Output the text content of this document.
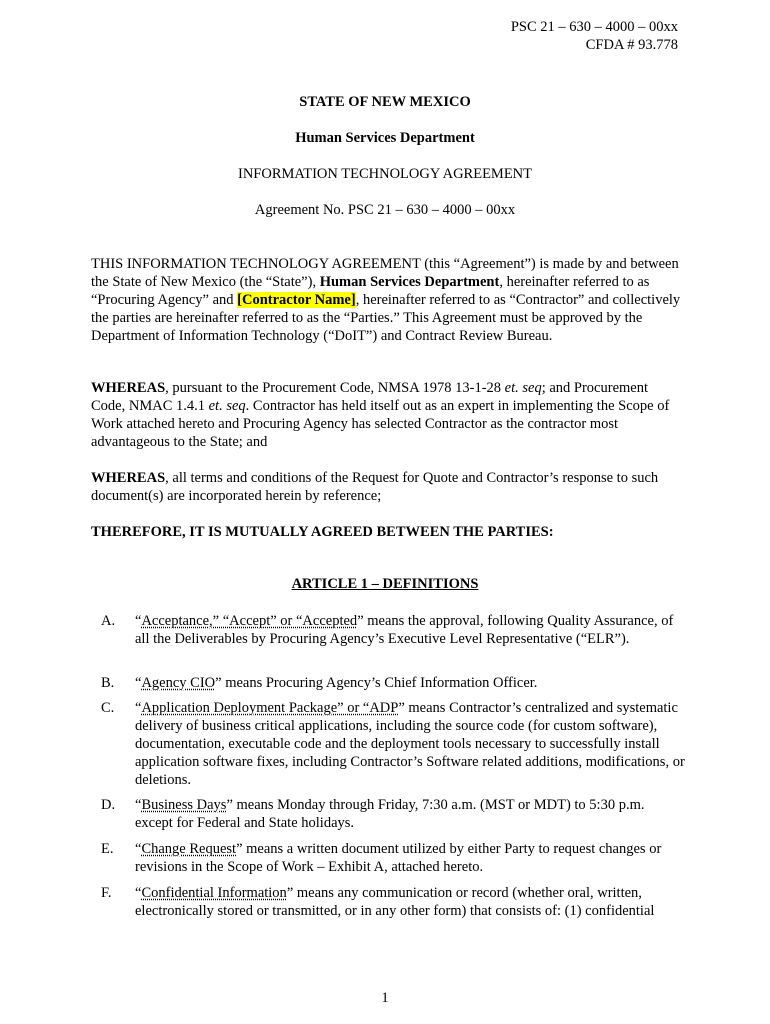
PSC 21 – 630 – 4000 – 00xx
CFDA # 93.778
STATE OF NEW MEXICO
Human Services Department
INFORMATION TECHNOLOGY AGREEMENT
Agreement No. PSC 21 – 630 – 4000 – 00xx
THIS INFORMATION TECHNOLOGY AGREEMENT (this “Agreement”) is made by and between the State of New Mexico (the “State”), Human Services Department, hereinafter referred to as “Procuring Agency” and [Contractor Name], hereinafter referred to as “Contractor” and collectively the parties are hereinafter referred to as the “Parties.” This Agreement must be approved by the Department of Information Technology (“DoIT”) and Contract Review Bureau.
WHEREAS, pursuant to the Procurement Code, NMSA 1978 13-1-28 et. seq; and Procurement Code, NMAC 1.4.1 et. seq. Contractor has held itself out as an expert in implementing the Scope of Work attached hereto and Procuring Agency has selected Contractor as the contractor most advantageous to the State; and
WHEREAS, all terms and conditions of the Request for Quote and Contractor’s response to such document(s) are incorporated herein by reference;
THEREFORE, IT IS MUTUALLY AGREED BETWEEN THE PARTIES:
ARTICLE 1 – DEFINITIONS
A. “Acceptance,” “Accept” or “Accepted” means the approval, following Quality Assurance, of all the Deliverables by Procuring Agency’s Executive Level Representative (“ELR”).
B. “Agency CIO” means Procuring Agency’s Chief Information Officer.
C. “Application Deployment Package” or “ADP” means Contractor’s centralized and systematic delivery of business critical applications, including the source code (for custom software), documentation, executable code and the deployment tools necessary to successfully install application software fixes, including Contractor’s Software related additions, modifications, or deletions.
D. “Business Days” means Monday through Friday, 7:30 a.m. (MST or MDT) to 5:30 p.m. except for Federal and State holidays.
E. “Change Request” means a written document utilized by either Party to request changes or revisions in the Scope of Work – Exhibit A, attached hereto.
F. “Confidential Information” means any communication or record (whether oral, written, electronically stored or transmitted, or in any other form) that consists of: (1) confidential
1
